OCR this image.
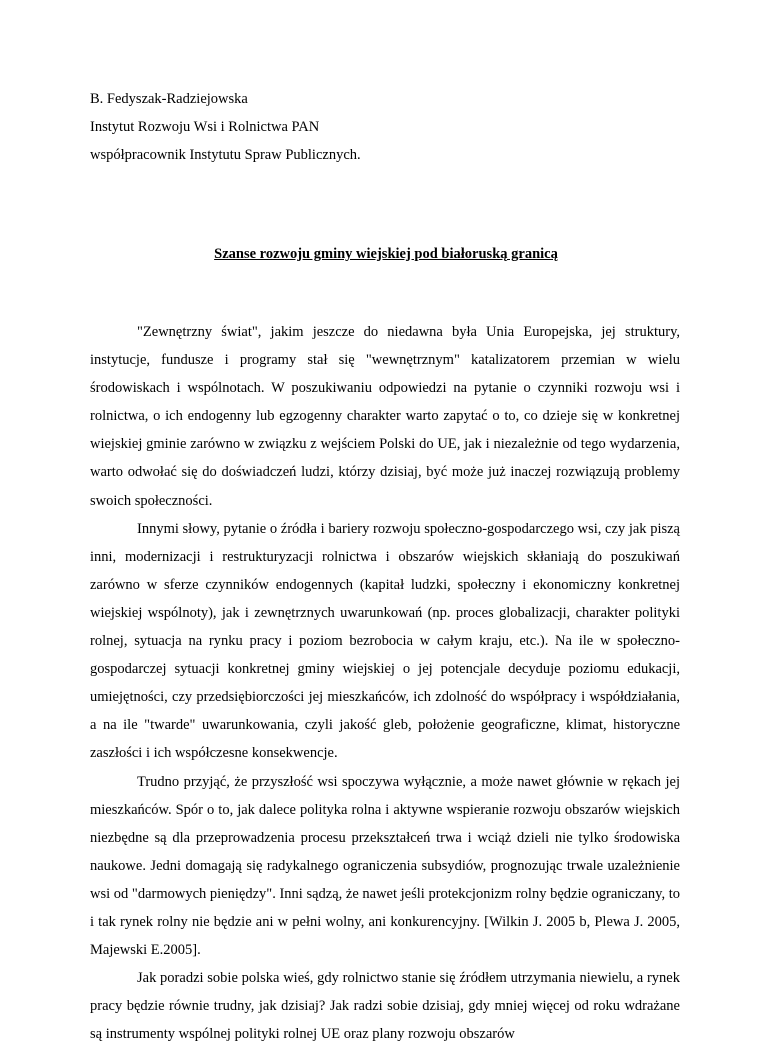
B. Fedyszak-Radziejowska
Instytut Rozwoju Wsi i Rolnictwa PAN
współpracownik Instytutu Spraw Publicznych.
Szanse rozwoju gminy wiejskiej pod białoruską granicą

"Zewnętrzny świat", jakim jeszcze do niedawna była Unia Europejska, jej struktury, instytucje, fundusze i programy stał się "wewnętrznym" katalizatorem przemian w wielu środowiskach i wspólnotach. W poszukiwaniu odpowiedzi na pytanie o czynniki rozwoju wsi i rolnictwa, o ich endogenny lub egzogenny charakter warto zapytać o to, co dzieje się w konkretnej wiejskiej gminie zarówno w związku z wejściem Polski do UE, jak i niezależnie od tego wydarzenia, warto odwołać się do doświadczeń ludzi, którzy dzisiaj, być może już inaczej rozwiązują problemy swoich społeczności.

Innymi słowy, pytanie o źródła i bariery rozwoju społeczno-gospodarczego wsi, czy jak piszą inni, modernizacji i restrukturyzacji rolnictwa i obszarów wiejskich skłaniają do poszukiwań zarówno w sferze czynników endogennych (kapitał ludzki, społeczny i ekonomiczny konkretnej wiejskiej wspólnoty), jak i zewnętrznych uwarunkowań (np. proces globalizacji, charakter polityki rolnej, sytuacja na rynku pracy i poziom bezrobocia w całym kraju, etc.). Na ile w społeczno-gospodarczej sytuacji konkretnej gminy wiejskiej o jej potencjale decyduje poziomu edukacji, umiejętności, czy przedsiębiorczości jej mieszkańców, ich zdolność do współpracy i współdziałania, a na ile "twarde" uwarunkowania, czyli jakość gleb, położenie geograficzne, klimat, historyczne zaszłości i ich współczesne konsekwencje.

Trudno przyjąć, że przyszłość wsi spoczywa wyłącznie, a może nawet głównie w rękach jej mieszkańców. Spór o to, jak dalece polityka rolna i aktywne wspieranie rozwoju obszarów wiejskich niezbędne są dla przeprowadzenia procesu przekształceń trwa i wciąż dzieli nie tylko środowiska naukowe. Jedni domagają się radykalnego ograniczenia subsydiów, prognozując trwale uzależnienie wsi od "darmowych pieniędzy". Inni sądzą, że nawet jeśli protekcjonizm rolny będzie ograniczany, to i tak rynek rolny nie będzie ani w pełni wolny, ani konkurencyjny. [Wilkin J. 2005 b, Plewa J. 2005, Majewski E.2005].

Jak poradzi sobie polska wieś, gdy rolnictwo stanie się źródłem utrzymania niewielu, a rynek pracy będzie równie trudny, jak dzisiaj? Jak radzi sobie dzisiaj, gdy mniej więcej od roku wdrażane są instrumenty wspólnej polityki rolnej UE oraz plany rozwoju obszarów
